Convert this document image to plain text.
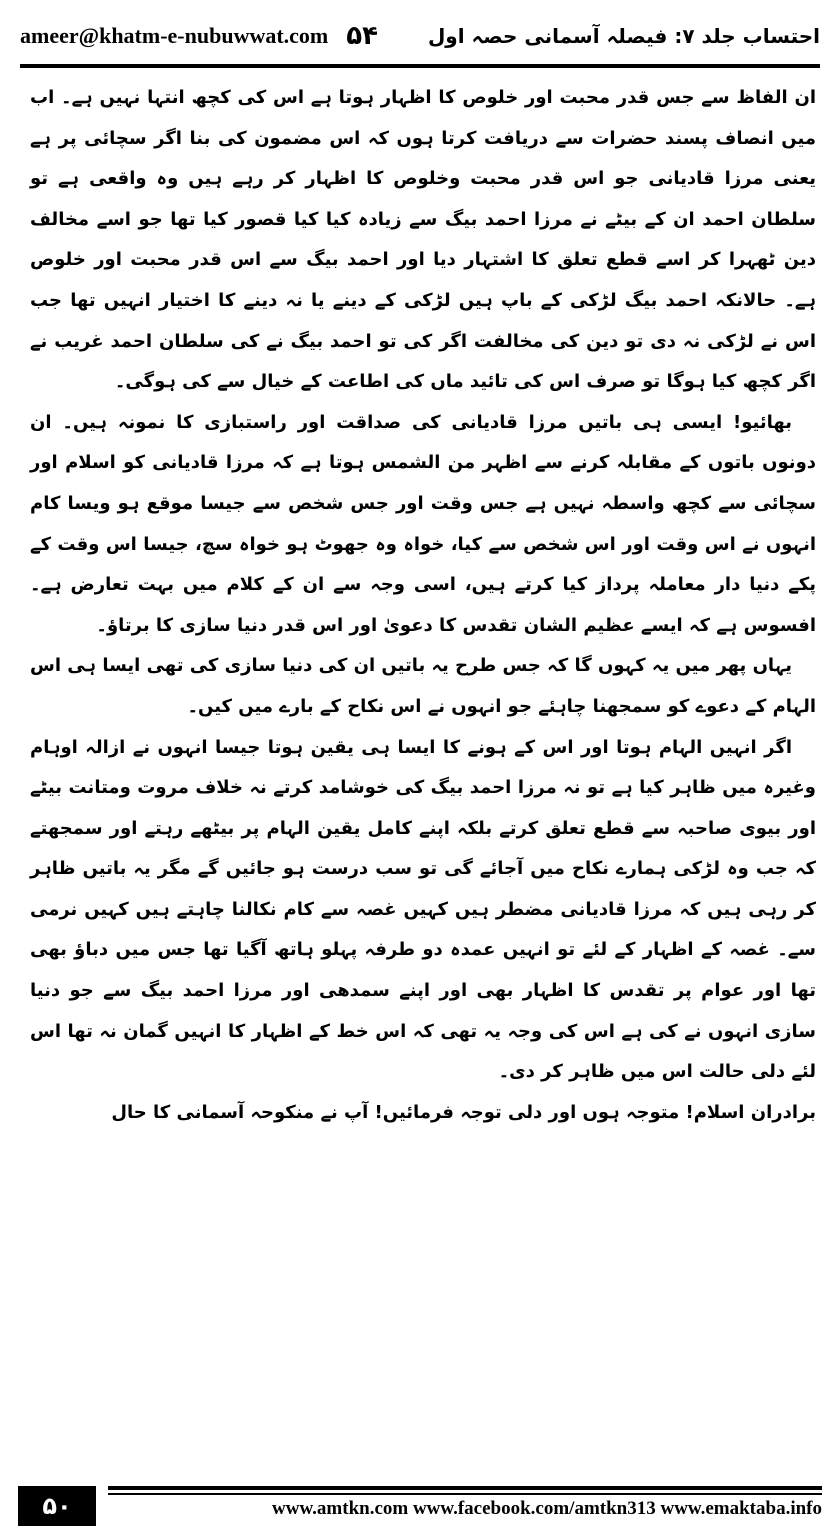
ameer@khatm-e-nubuwwat.com ۵۴ احتساب جلد ۷: فیصلہ آسمانی حصہ اول

ان الفاظ سے جس قدر محبت اور خلوص کا اظہار ہوتا ہے اس کی کچھ انتہا نہیں ہے۔ اب میں انصاف پسند حضرات سے دریافت کرتا ہوں کہ اس مضمون کی بنا اگر سچائی پر ہے یعنی مرزا قادیانی جو اس قدر محبت وخلوص کا اظہار کر رہے ہیں وہ واقعی ہے تو سلطان احمد ان کے بیٹے نے مرزا احمد بیگ سے زیادہ کیا کیا قصور کیا تھا جو اسے مخالف دین ٹھہرا کر اسے قطع تعلق کا اشتہار دیا اور احمد بیگ سے اس قدر محبت اور خلوص ہے۔ حالانکہ احمد بیگ لڑکی کے باپ ہیں لڑکی کے دینے یا نہ دینے کا اختیار انہیں تھا جب اس نے لڑکی نہ دی تو دین کی مخالفت اگر کی تو احمد بیگ نے کی سلطان احمد غریب نے اگر کچھ کیا ہوگا تو صرف اس کی تائید ماں کی اطاعت کے خیال سے کی ہوگی۔

بھائیو! ایسی ہی باتیں مرزا قادیانی کی صداقت اور راستبازی کا نمونہ ہیں۔ ان دونوں باتوں کے مقابلہ کرنے سے اظہر من الشمس ہوتا ہے کہ مرزا قادیانی کو اسلام اور سچائی سے کچھ واسطہ نہیں ہے جس وقت اور جس شخص سے جیسا موقع ہو ویسا کام انہوں نے اس وقت اور اس شخص سے کیا، خواہ وہ جھوٹ ہو خواہ سچ، جیسا اس وقت کے پکے دنیا دار معاملہ پرداز کیا کرتے ہیں، اسی وجہ سے ان کے کلام میں بہت تعارض ہے۔ افسوس ہے کہ ایسے عظیم الشان تقدس کا دعویٰ اور اس قدر دنیا سازی کا برتاؤ۔

یہاں پھر میں یہ کہوں گا کہ جس طرح یہ باتیں ان کی دنیا سازی کی تھی ایسا ہی اس الہام کے دعوے کو سمجھنا چاہئے جو انہوں نے اس نکاح کے بارے میں کیں۔

اگر انہیں الہام ہوتا اور اس کے ہونے کا ایسا ہی یقین ہوتا جیسا انہوں نے ازالہ اوہام وغیرہ میں ظاہر کیا ہے تو نہ مرزا احمد بیگ کی خوشامد کرتے نہ خلاف مروت ومتانت بیٹے اور بیوی صاحبہ سے قطع تعلق کرتے بلکہ اپنے کامل یقین الہام پر بیٹھے رہتے اور سمجھتے کہ جب وہ لڑکی ہمارے نکاح میں آجائے گی تو سب درست ہو جائیں گے مگر یہ باتیں ظاہر کر رہی ہیں کہ مرزا قادیانی مضطر ہیں کہیں غصہ سے کام نکالنا چاہتے ہیں کہیں نرمی سے۔ غصہ کے اظہار کے لئے تو انہیں عمدہ دو طرفہ پہلو ہاتھ آگیا تھا جس میں دباؤ بھی تھا اور عوام پر تقدس کا اظہار بھی اور اپنے سمدھی اور مرزا احمد بیگ سے جو دنیا سازی انہوں نے کی ہے اس کی وجہ یہ تھی کہ اس خط کے اظہار کا انہیں گمان نہ تھا اس لئے دلی حالت اس میں ظاہر کر دی۔

برادران اسلام! متوجہ ہوں اور دلی توجہ فرمائیں! آپ نے منکوحہ آسمانی کا حال

۵۰	www.amtkn.com www.facebook.com/amtkn313 www.emaktaba.info
